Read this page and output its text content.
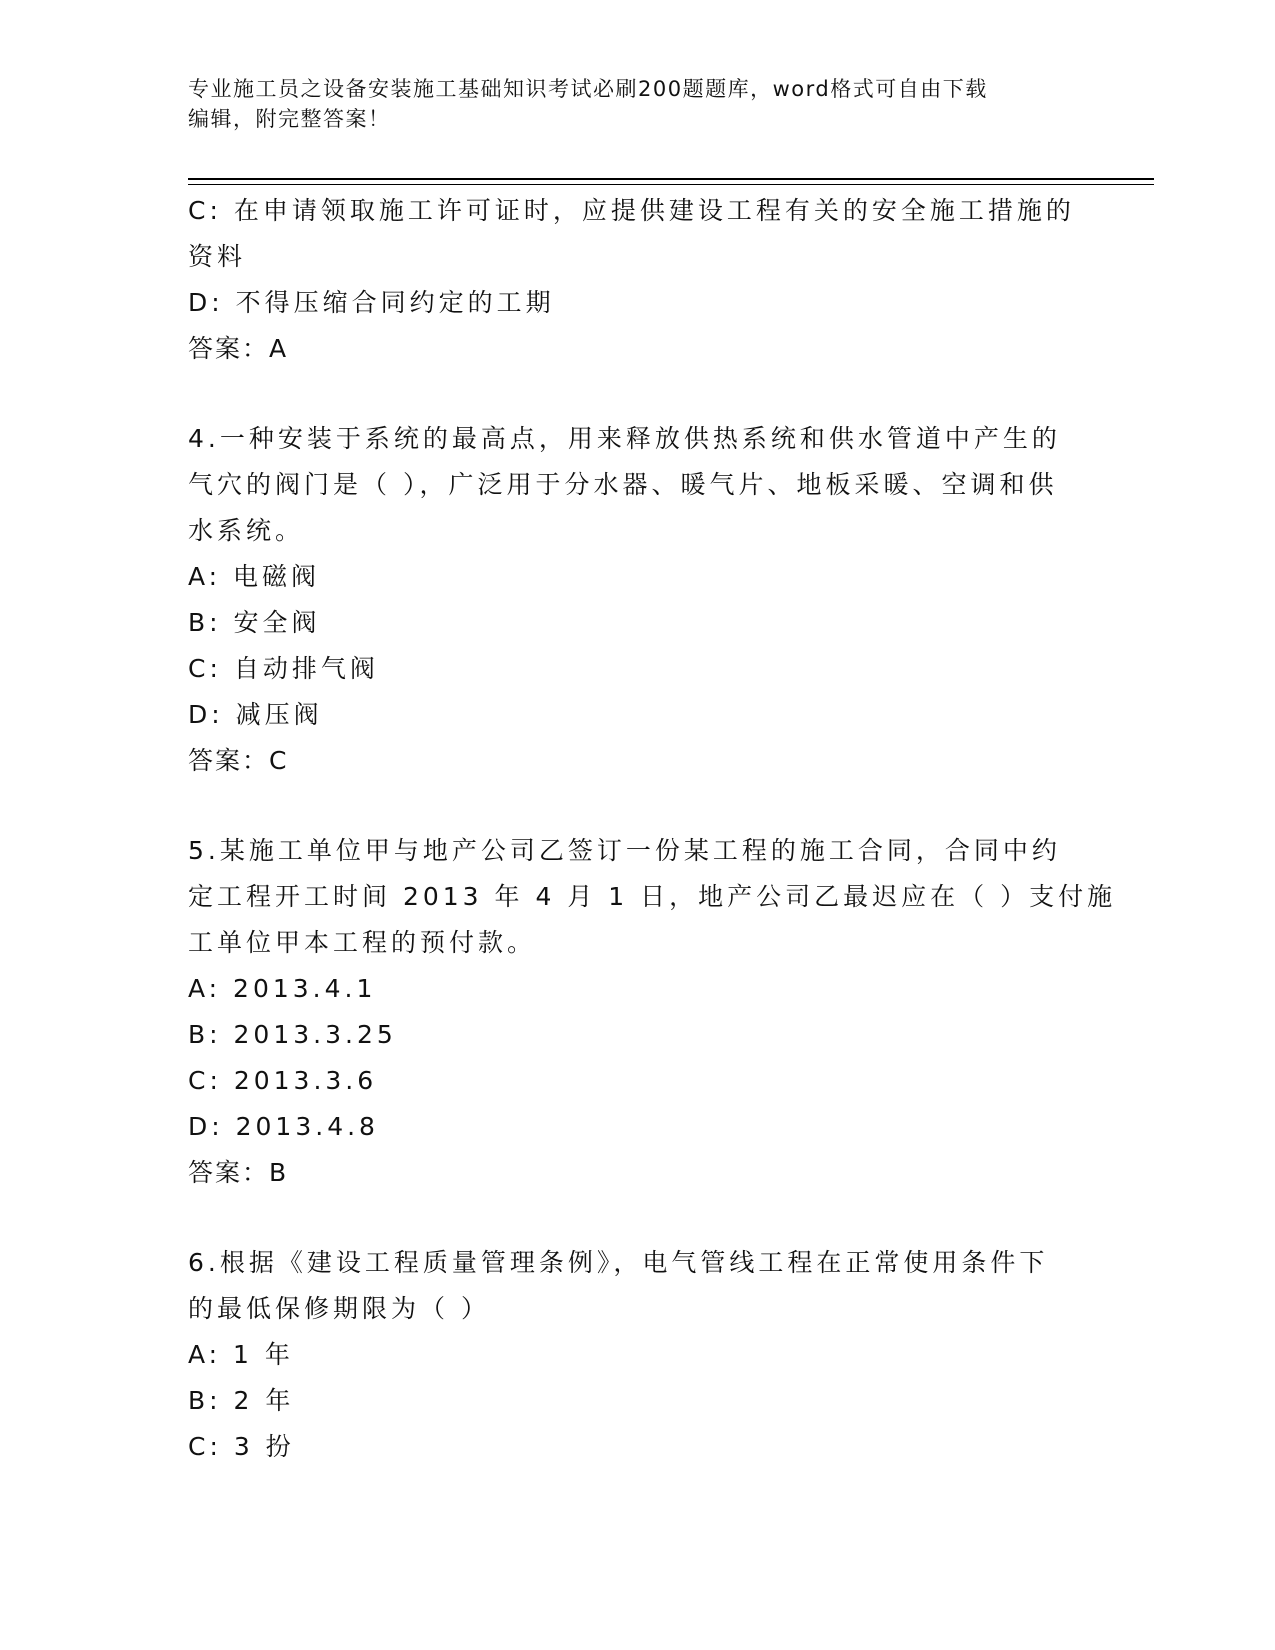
专业施工员之设备安装施工基础知识考试必刷200题题库，word格式可自由下载
编辑，附完整答案！
C: 在申请领取施工许可证时，应提供建设工程有关的安全施工措施的
资料
D: 不得压缩合同约定的工期
答案：A
4.一种安装于系统的最高点，用来释放供热系统和供水管道中产生的
气穴的阀门是（ ），广泛用于分水器、暖气片、地板采暖、空调和供
水系统。
A: 电磁阀
B: 安全阀
C: 自动排气阀
D: 减压阀
答案：C
5.某施工单位甲与地产公司乙签订一份某工程的施工合同，合同中约
定工程开工时间 2013 年 4 月 1 日，地产公司乙最迟应在（ ）支付施
工单位甲本工程的预付款。
A: 2013.4.1
B: 2013.3.25
C: 2013.3.6
D: 2013.4.8
答案：B
6.根据《建设工程质量管理条例》，电气管线工程在正常使用条件下
的最低保修期限为（ ）
A: 1 年
B: 2 年
C: 3 扮
